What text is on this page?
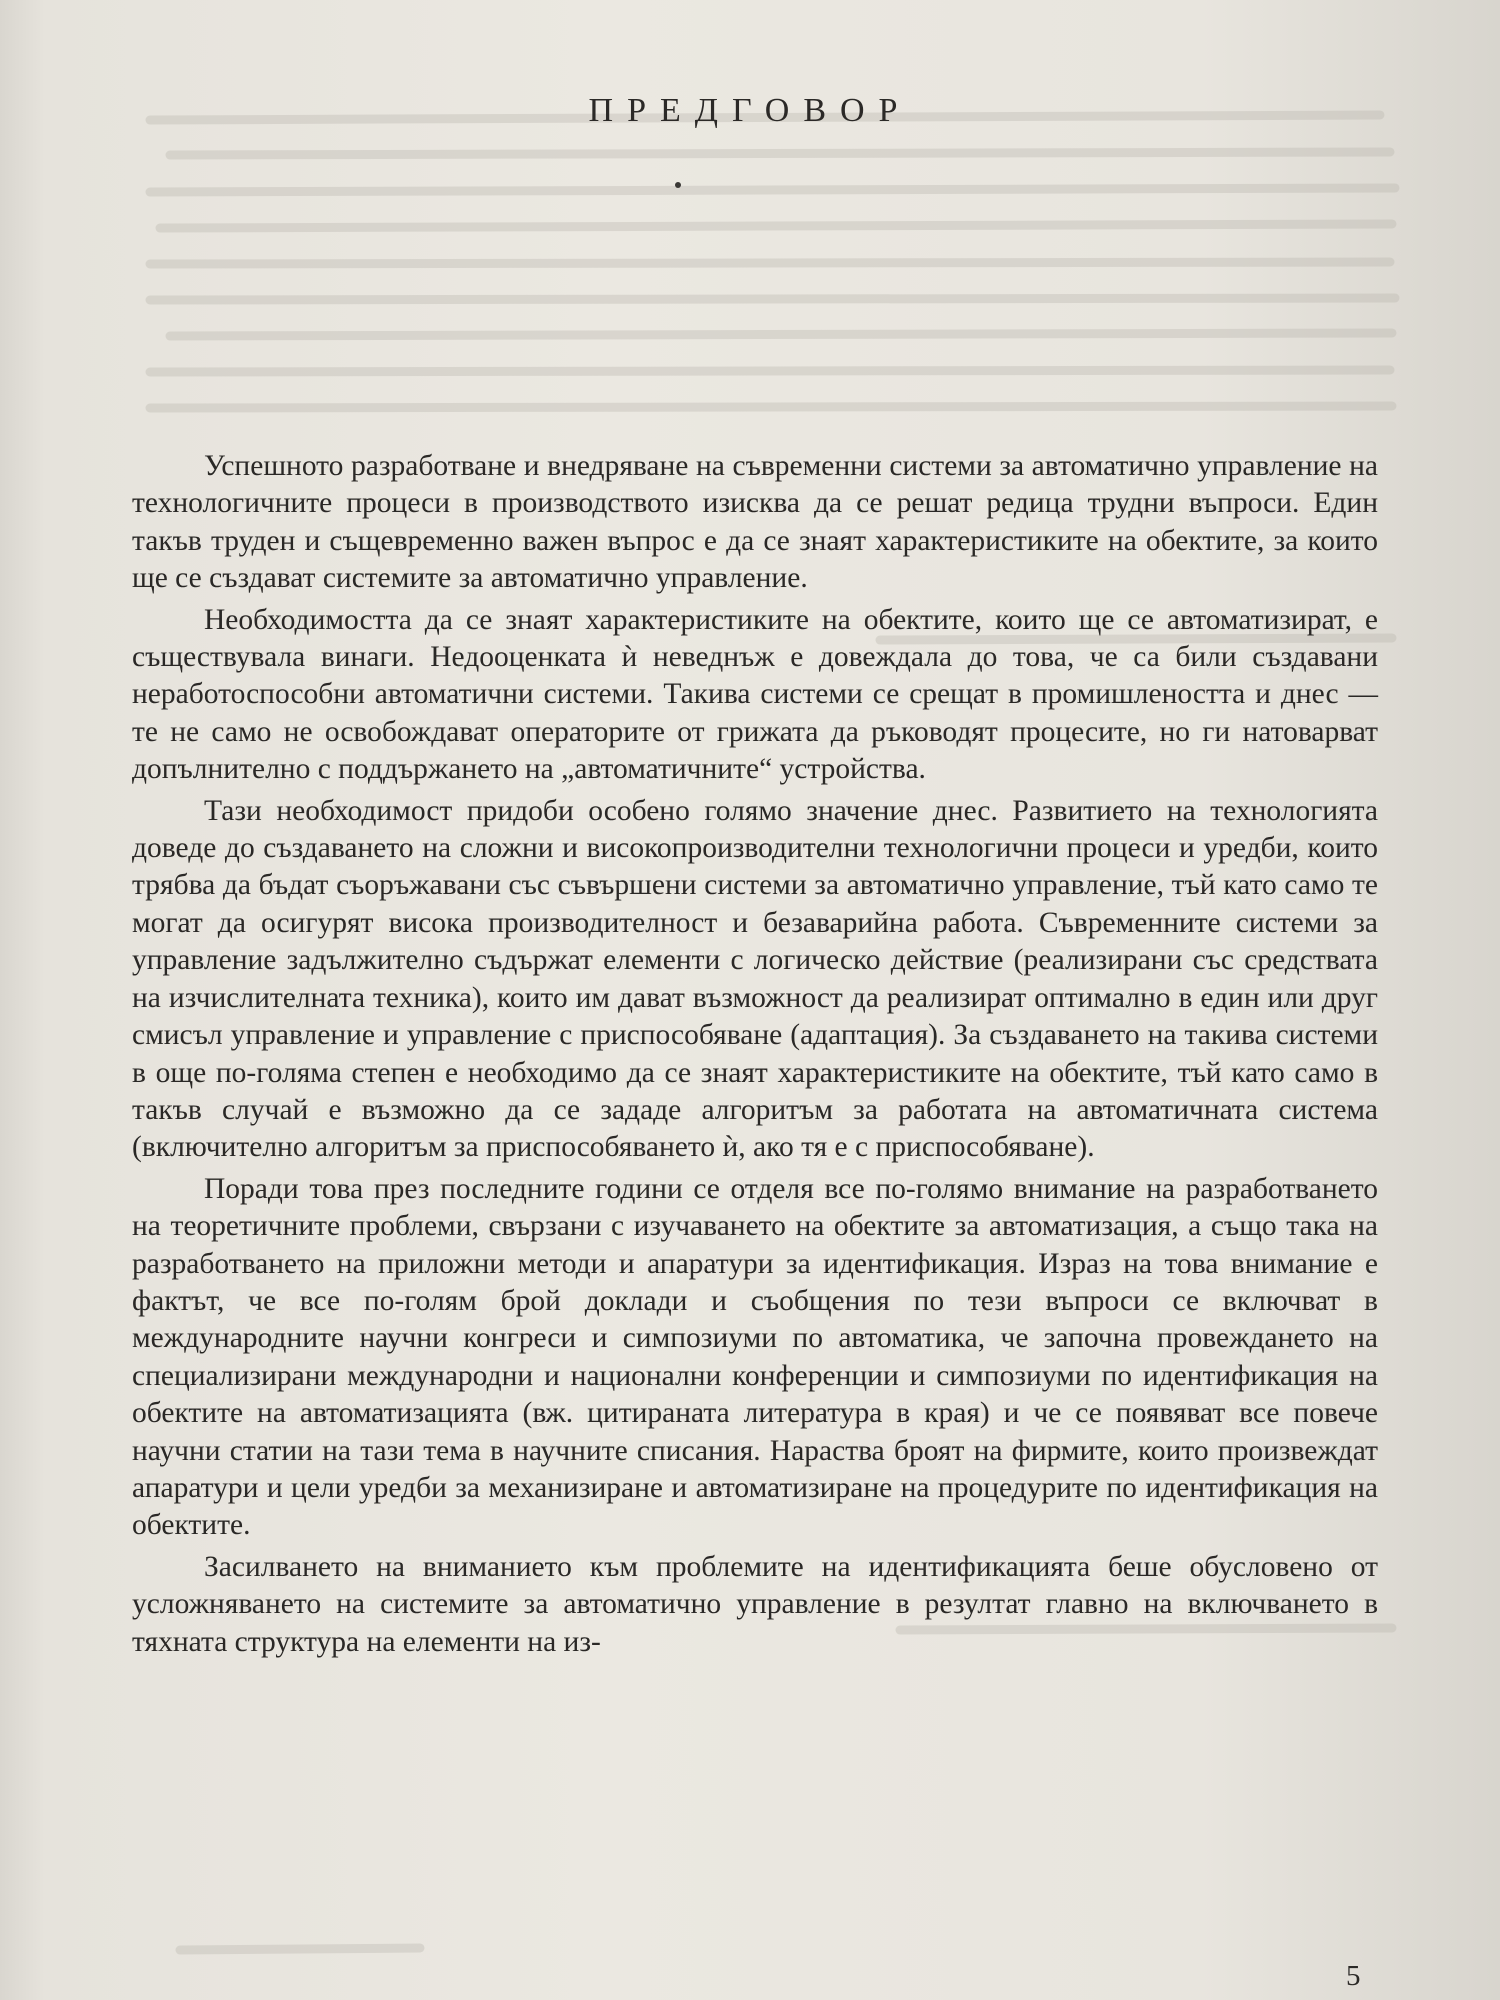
ПРЕДГОВОР

Успешното разработване и внедряване на съвременни системи за автоматично управление на технологичните процеси в производството изисква да се решат редица трудни въпроси. Един такъв труден и същевременно важен въпрос е да се знаят характеристиките на обектите, за които ще се създават системите за автоматично управление.

Необходимостта да се знаят характеристиките на обектите, които ще се автоматизират, е съществувала винаги. Недооценката ѝ неведнъж е довеждала до това, че са били създавани неработоспособни автоматични системи. Такива системи се срещат в промишлеността и днес — те не само не освобождават операторите от грижата да ръководят процесите, но ги натоварват допълнително с поддържането на „автоматичните“ устройства.

Тази необходимост придоби особено голямо значение днес. Развитието на технологията доведе до създаването на сложни и високопроизводителни технологични процеси и уредби, които трябва да бъдат съоръжавани със съвършени системи за автоматично управление, тъй като само те могат да осигурят висока производителност и безаварийна работа. Съвременните системи за управление задължително съдържат елементи с логическо действие (реализирани със средствата на изчислителната техника), които им дават възможност да реализират оптимално в един или друг смисъл управление и управление с приспособяване (адаптация). За създаването на такива системи в още по-голяма степен е необходимо да се знаят характеристиките на обектите, тъй като само в такъв случай е възможно да се зададе алгоритъм за работата на автоматичната система (включително алгоритъм за приспособяването ѝ, ако тя е с приспособяване).

Поради това през последните години се отделя все по-голямо внимание на разработването на теоретичните проблеми, свързани с изучаването на обектите за автоматизация, а също така на разработването на приложни методи и апаратури за идентификация. Израз на това внимание е фактът, че все по-голям брой доклади и съобщения по тези въпроси се включват в международните научни конгреси и симпозиуми по автоматика, че започна провеждането на специализирани международни и национални конференции и симпозиуми по идентификация на обектите на автоматизацията (вж. цитираната литература в края) и че се появяват все повече научни статии на тази тема в научните списания. Нараства броят на фирмите, които произвеждат апаратури и цели уредби за механизиране и автоматизиране на процедурите по идентификация на обектите.

Засилването на вниманието към проблемите на идентификацията беше обусловено от усложняването на системите за автоматично управление в резултат главно на включването в тяхната структура на елементи на из-

5
